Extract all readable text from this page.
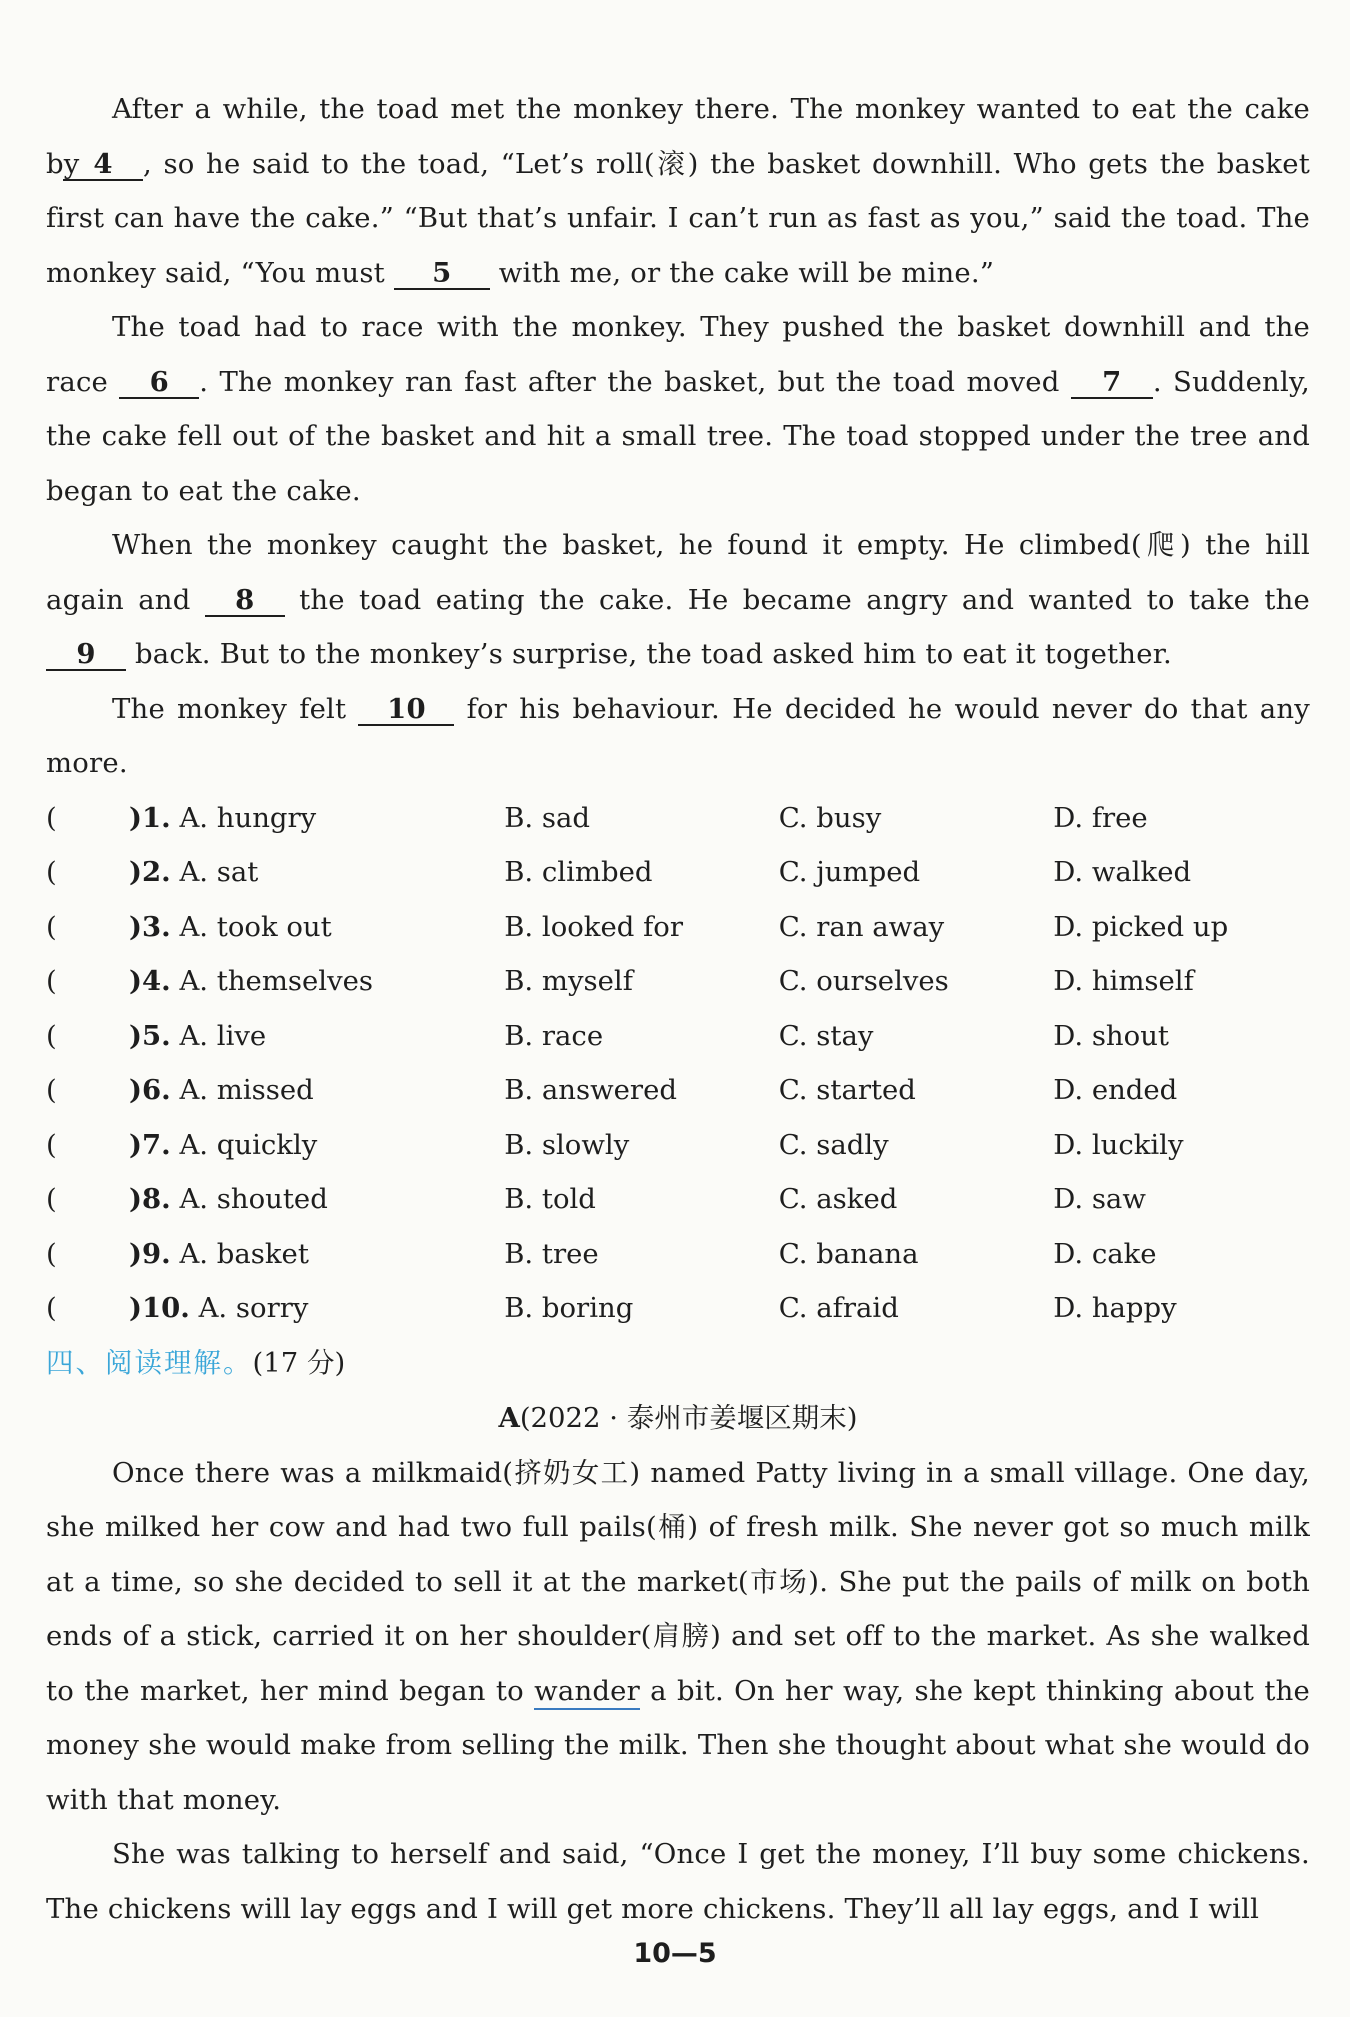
After a while, the toad met the monkey there. The monkey wanted to eat the cake by 4 , so he said to the toad, “Let’s roll(滚) the basket downhill. Who gets the basket first can have the cake.” “But that’s unfair. I can’t run as fast as you,” said the toad. The monkey said, “You must 5 with me, or the cake will be mine.”

The toad had to race with the monkey. They pushed the basket downhill and the race 6 . The monkey ran fast after the basket, but the toad moved 7 . Suddenly, the cake fell out of the basket and hit a small tree. The toad stopped under the tree and began to eat the cake.

When the monkey caught the basket, he found it empty. He climbed(爬) the hill again and 8 the toad eating the cake. He became angry and wanted to take the 9 back. But to the monkey’s surprise, the toad asked him to eat it together.

The monkey felt 10 for his behaviour. He decided he would never do that any more.

(	)1. A. hungry	B. sad	C. busy	D. free
(	)2. A. sat	B. climbed	C. jumped	D. walked
(	)3. A. took out	B. looked for	C. ran away	D. picked up
(	)4. A. themselves	B. myself	C. ourselves	D. himself
(	)5. A. live	B. race	C. stay	D. shout
(	)6. A. missed	B. answered	C. started	D. ended
(	)7. A. quickly	B. slowly	C. sadly	D. luckily
(	)8. A. shouted	B. told	C. asked	D. saw
(	)9. A. basket	B. tree	C. banana	D. cake
(	)10. A. sorry	B. boring	C. afraid	D. happy
四、阅读理解。(17 分)
A(2022 · 泰州市姜堰区期末)

Once there was a milkmaid(挤奶女工) named Patty living in a small village. One day, she milked her cow and had two full pails(桶) of fresh milk. She never got so much milk at a time, so she decided to sell it at the market(市场). She put the pails of milk on both ends of a stick, carried it on her shoulder(肩膀) and set off to the market. As she walked to the market, her mind began to wander a bit. On her way, she kept thinking about the money she would make from selling the milk. Then she thought about what she would do with that money.

She was talking to herself and said, “Once I get the money, I’ll buy some chickens. The chickens will lay eggs and I will get more chickens. They’ll all lay eggs, and I will

10—5
